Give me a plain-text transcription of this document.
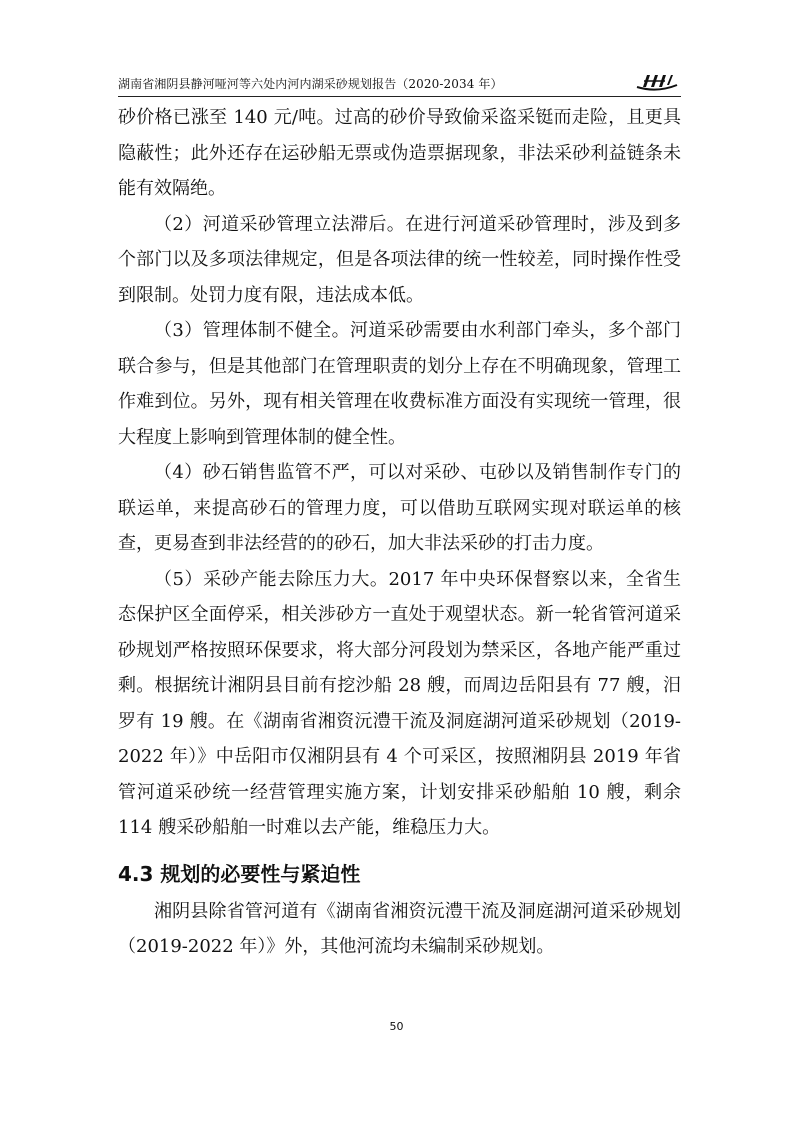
湖南省湘阴县静河哑河等六处内河内湖采砂规划报告（2020-2034 年）

砂价格已涨至 140 元/吨。过高的砂价导致偷采盗采铤而走险，且更具隐蔽性；此外还存在运砂船无票或伪造票据现象，非法采砂利益链条未能有效隔绝。

（2）河道采砂管理立法滞后。在进行河道采砂管理时，涉及到多个部门以及多项法律规定，但是各项法律的统一性较差，同时操作性受到限制。处罚力度有限，违法成本低。

（3）管理体制不健全。河道采砂需要由水利部门牵头，多个部门联合参与，但是其他部门在管理职责的划分上存在不明确现象，管理工作难到位。另外，现有相关管理在收费标准方面没有实现统一管理，很大程度上影响到管理体制的健全性。

（4）砂石销售监管不严，可以对采砂、屯砂以及销售制作专门的联运单，来提高砂石的管理力度，可以借助互联网实现对联运单的核查，更易查到非法经营的的砂石，加大非法采砂的打击力度。

（5）采砂产能去除压力大。2017 年中央环保督察以来，全省生态保护区全面停采，相关涉砂方一直处于观望状态。新一轮省管河道采砂规划严格按照环保要求，将大部分河段划为禁采区，各地产能严重过剩。根据统计湘阴县目前有挖沙船 28 艘，而周边岳阳县有 77 艘，汨罗有 19 艘。在《湖南省湘资沅澧干流及洞庭湖河道采砂规划（2019-2022 年）》中岳阳市仅湘阴县有 4 个可采区，按照湘阴县 2019 年省管河道采砂统一经营管理实施方案，计划安排采砂船舶 10 艘，剩余 114 艘采砂船舶一时难以去产能，维稳压力大。

4.3 规划的必要性与紧迫性

湘阴县除省管河道有《湖南省湘资沅澧干流及洞庭湖河道采砂规划（2019-2022 年）》外，其他河流均未编制采砂规划。

50
